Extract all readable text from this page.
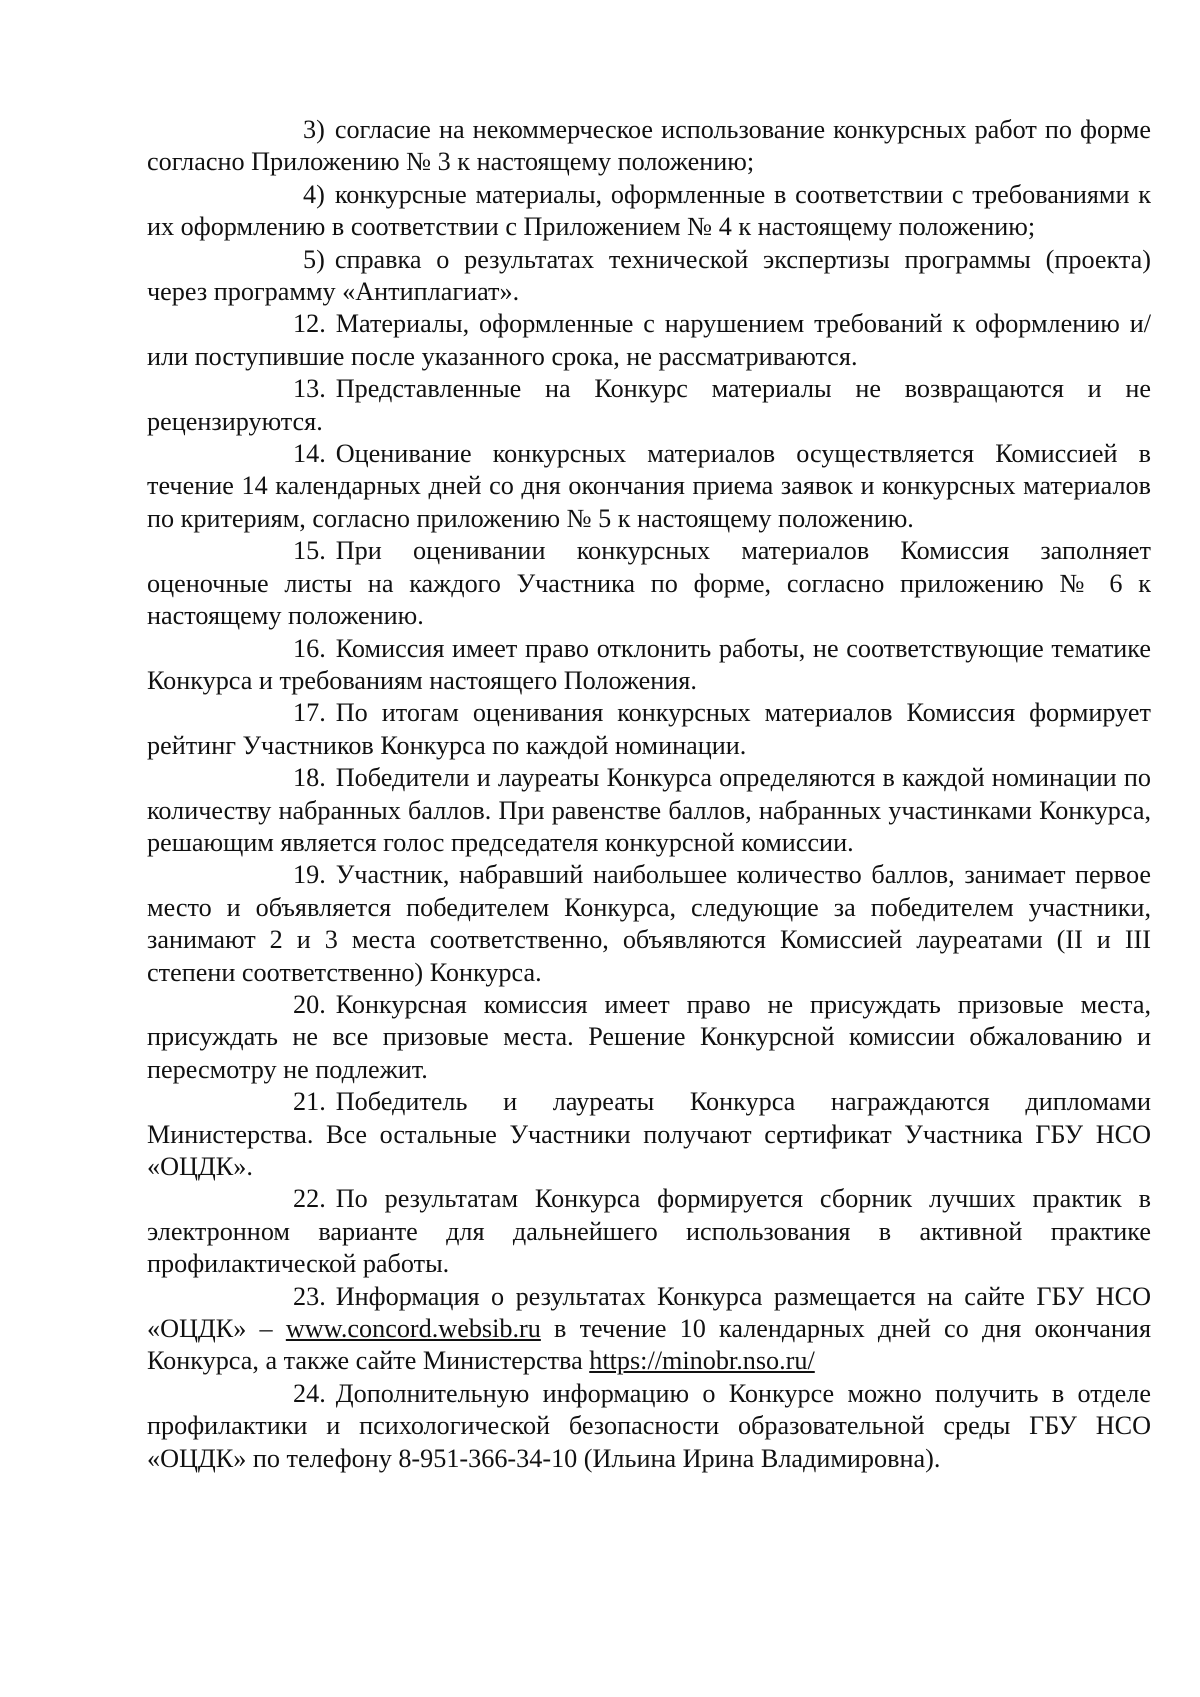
3) согласие на некоммерческое использование конкурсных работ по форме согласно Приложению № 3 к настоящему положению;

4) конкурсные материалы, оформленные в соответствии с требованиями к их оформлению в соответствии с Приложением № 4 к настоящему положению;

5) справка о результатах технической экспертизы программы (проекта) через программу «Антиплагиат».

12. Материалы, оформленные с нарушением требований к оформлению и/или поступившие после указанного срока, не рассматриваются.

13. Представленные на Конкурс материалы не возвращаются и не рецензируются.

14. Оценивание конкурсных материалов осуществляется Комиссией в течение 14 календарных дней со дня окончания приема заявок и конкурсных материалов по критериям, согласно приложению № 5 к настоящему положению.

15. При оценивании конкурсных материалов Комиссия заполняет оценочные листы на каждого Участника по форме, согласно приложению № 6 к настоящему положению.

16. Комиссия имеет право отклонить работы, не соответствующие тематике Конкурса и требованиям настоящего Положения.

17. По итогам оценивания конкурсных материалов Комиссия формирует рейтинг Участников Конкурса по каждой номинации.

18. Победители и лауреаты Конкурса определяются в каждой номинации по количеству набранных баллов. При равенстве баллов, набранных участинками Конкурса, решающим является голос председателя конкурсной комиссии.

19. Участник, набравший наибольшее количество баллов, занимает первое место и объявляется победителем Конкурса, следующие за победителем участники, занимают 2 и 3 места соответственно, объявляются Комиссией лауреатами (II и III степени соответственно) Конкурса.

20. Конкурсная комиссия имеет право не присуждать призовые места, присуждать не все призовые места. Решение Конкурсной комиссии обжалованию и пересмотру не подлежит.

21. Победитель и лауреаты Конкурса награждаются дипломами Министерства. Все остальные Участники получают сертификат Участника ГБУ НСО «ОЦДК».

22. По результатам Конкурса формируется сборник лучших практик в электронном варианте для дальнейшего использования в активной практике профилактической работы.

23. Информация о результатах Конкурса размещается на сайте ГБУ НСО «ОЦДК» – www.concord.websib.ru в течение 10 календарных дней со дня окончания Конкурса, а также сайте Министерства https://minobr.nso.ru/

24. Дополнительную информацию о Конкурсе можно получить в отделе профилактики и психологической безопасности образовательной среды ГБУ НСО «ОЦДК» по телефону 8-951-366-34-10 (Ильина Ирина Владимировна).
